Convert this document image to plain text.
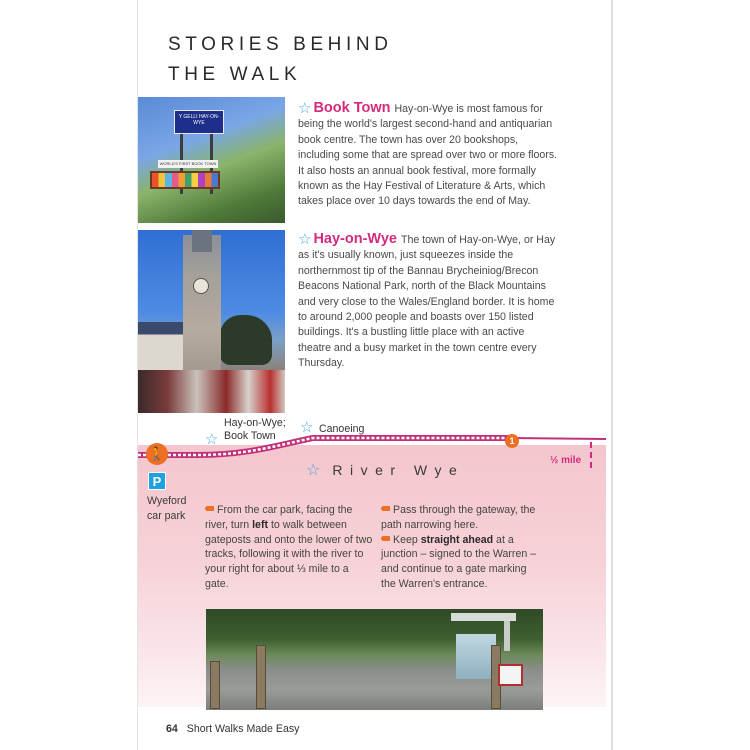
STORIES BEHIND
THE WALK
Y GELLI HAY-ON-WYE
WORLD'S FIRST BOOK TOWN

☆ Book Town Hay-on-Wye is most famous for being the world's largest second-hand and antiquarian book centre. The town has over 20 bookshops, including some that are spread over two or more floors. It also hosts an annual book festival, more formally known as the Hay Festival of Literature & Arts, which takes place over 10 days towards the end of May.

☆ Hay-on-Wye The town of Hay-on-Wye, or Hay as it's usually known, just squeezes inside the northernmost tip of the Bannau Brycheiniog/Brecon Beacons National Park, north of the Black Mountains and very close to the Wales/England border. It is home to around 2,000 people and boasts over 150 listed buildings. It's a bustling little place with an active theatre and a busy market in the town centre every Thursday.

☆
Hay-on-Wye; Book Town	☆ Canoeing
🚶
1
½ mile
☆ River Wye
P
Wyeford car park	From the car park, facing the river, turn left to walk between gateposts and onto the lower of two tracks, following it with the river to your right for about ⅓ mile to a gate.

Pass through the gateway, the path narrowing here.

Keep straight ahead at a junction – signed to the Warren – and continue to a gate marking the Warren's entrance.

64 Short Walks Made Easy
